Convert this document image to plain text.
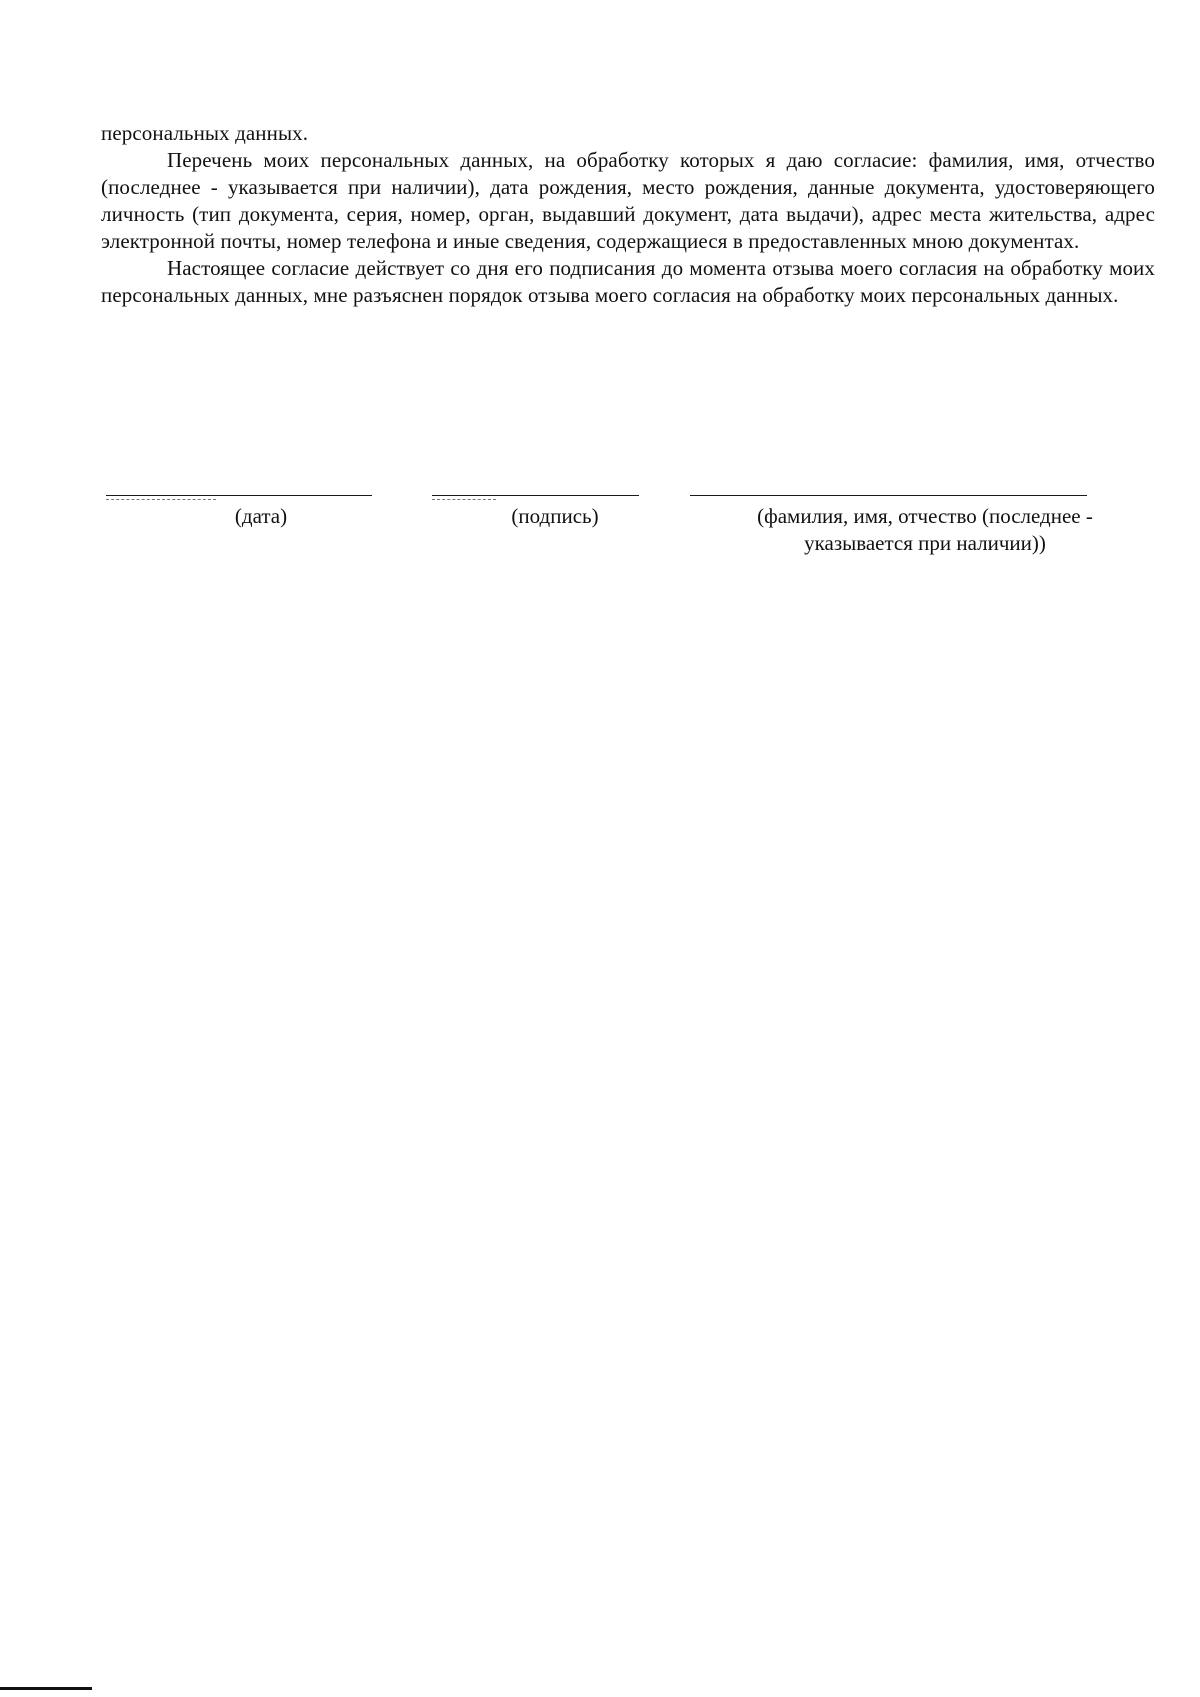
персональных данных.

Перечень моих персональных данных, на обработку которых я даю согласие: фамилия, имя, отчество (последнее - указывается при наличии), дата рождения, место рождения, данные документа, удостоверяющего личность (тип документа, серия, номер, орган, выдавший документ, дата выдачи), адрес места жительства, адрес электронной почты, номер телефона и иные сведения, содержащиеся в предоставленных мною документах.

Настоящее согласие действует со дня его подписания до момента отзыва моего согласия на обработку моих персональных данных, мне разъяснен порядок отзыва моего согласия на обработку моих персональных данных.

(дата)	(подпись)	(фамилия, имя, отчество (последнее -
указывается при наличии))
